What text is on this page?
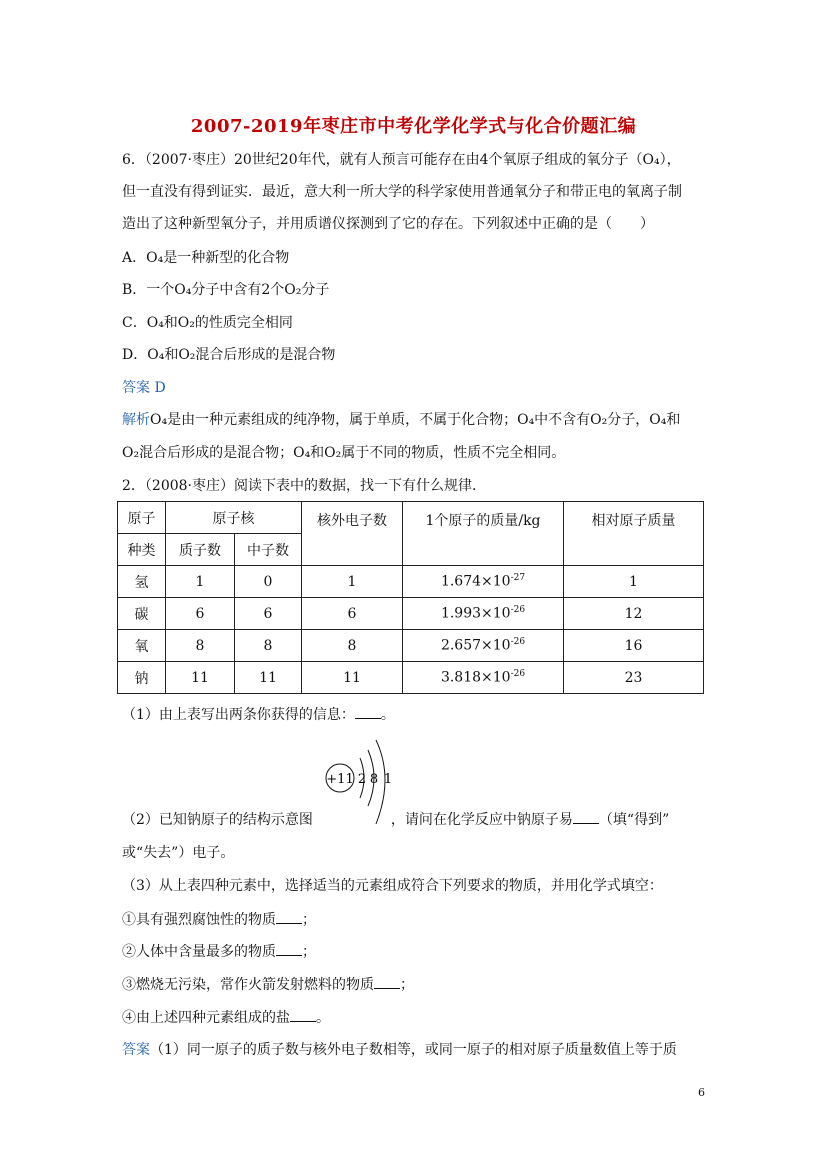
2007-2019年枣庄市中考化学化学式与化合价题汇编
6．（2007·枣庄）20世纪20年代，就有人预言可能存在由4个氧原子组成的氧分子（O₄），
但一直没有得到证实．最近，意大利一所大学的科学家使用普通氧分子和带正电的氧离子制
造出了这种新型氧分子，并用质谱仪探测到了它的存在。下列叙述中正确的是（　　）
A．O₄是一种新型的化合物
B．一个O₄分子中含有2个O₂分子
C．O₄和O₂的性质完全相同
D．O₄和O₂混合后形成的是混合物
答案 D
解析O₄是由一种元素组成的纯净物，属于单质，不属于化合物；O₄中不含有O₂分子，O₄和
O₂混合后形成的是混合物；O₄和O₂属于不同的物质，性质不完全相同。
2．（2008·枣庄）阅读下表中的数据，找一下有什么规律．
原子	原子核		核外电子数	1个原子的质量/kg	相对原子质量
种类	质子数	中子数			
氢	1	0	1	$1.674\times 10^{-27}$	1
碳	6	6	6	$1.993\times 10^{-26}$	12
氧	8	8	8	$2.657\times 10^{-26}$	16
钠	11	11	11	$3.818\times 10^{-26}$	23
（1）由上表写出两条你获得的信息： 。
+11 2 8 1
（2）已知钠原子的结构示意图	，请问在化学反应中钠原子易 （填“得到”
或“失去”）电子。
（3）从上表四种元素中，选择适当的元素组成符合下列要求的物质，并用化学式填空：
①具有强烈腐蚀性的物质 ；
②人体中含量最多的物质 ；
③燃烧无污染，常作火箭发射燃料的物质 ；
④由上述四种元素组成的盐 。
答案（1）同一原子的质子数与核外电子数相等，或同一原子的相对原子质量数值上等于质
6
